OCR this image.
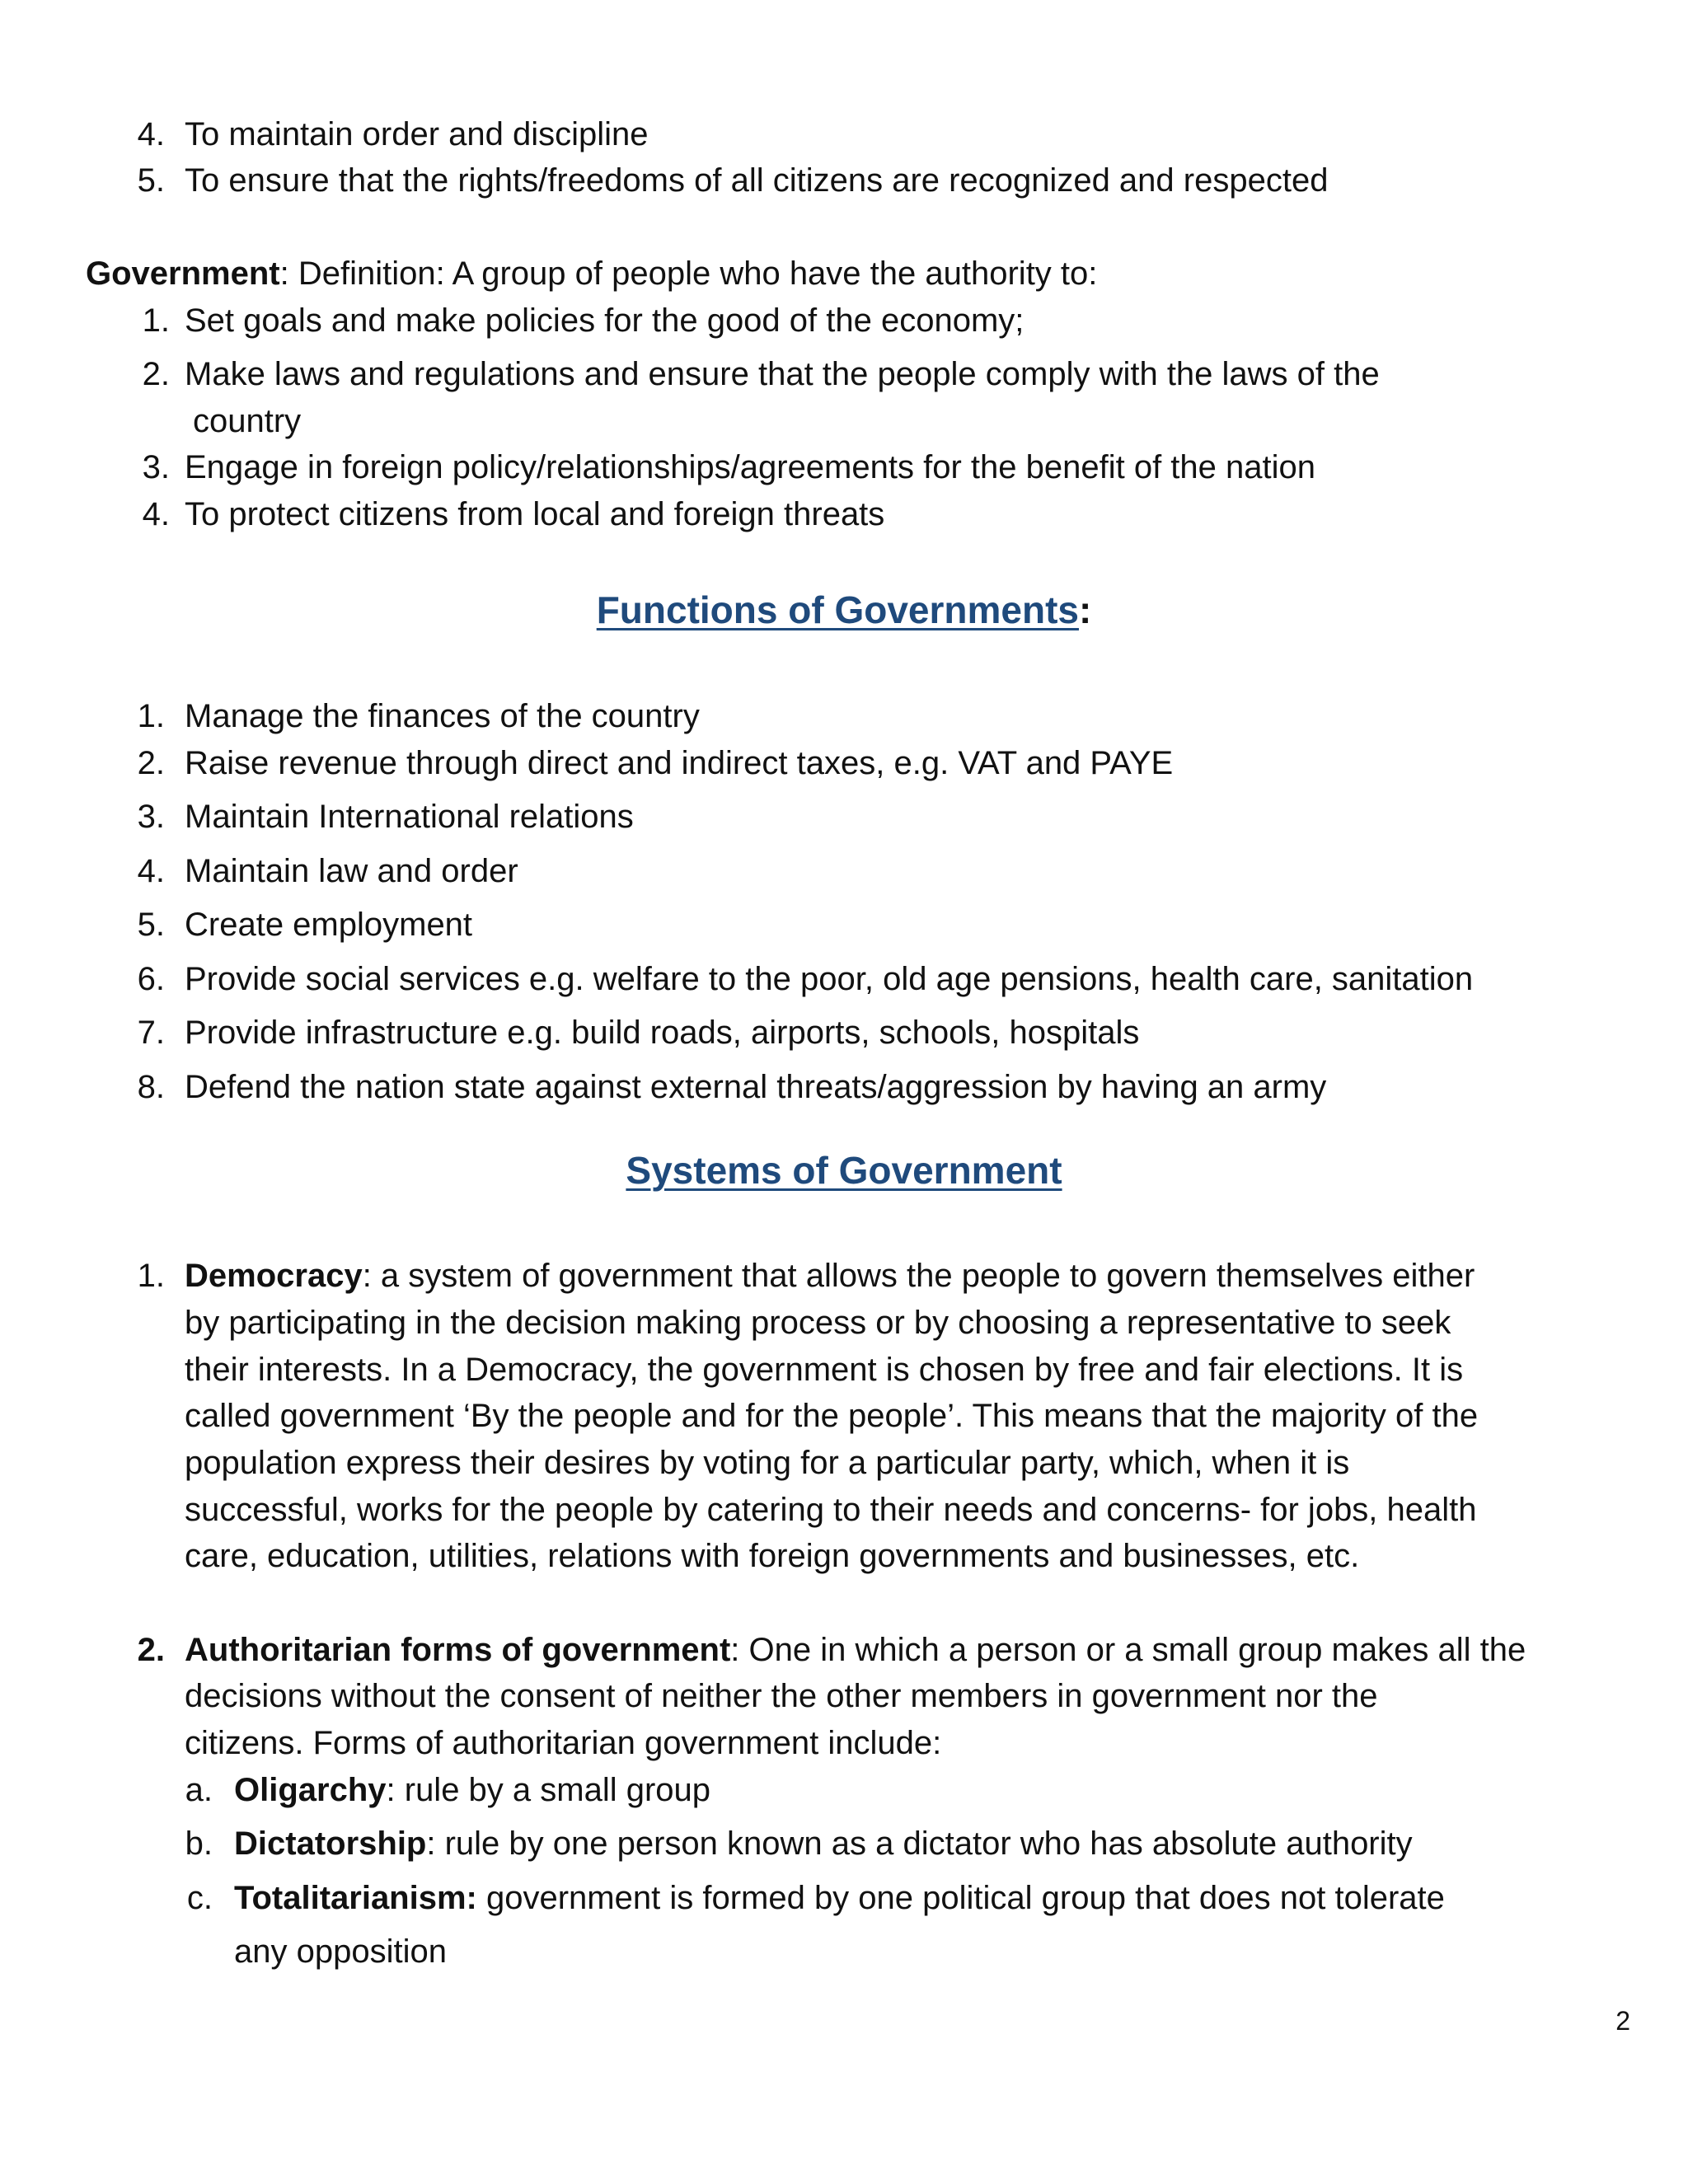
4. To maintain order and discipline
5. To ensure that the rights/freedoms of all citizens are recognized and respected
Government: Definition: A group of people who have the authority to:
1. Set goals and make policies for the good of the economy;
2. Make laws and regulations and ensure that the people comply with the laws of the
country
3. Engage in foreign policy/relationships/agreements for the benefit of the nation
4. To protect citizens from local and foreign threats
Functions of Governments:
1. Manage the finances of the country
2. Raise revenue through direct and indirect taxes, e.g. VAT and PAYE
3. Maintain International relations
4. Maintain law and order
5. Create employment
6. Provide social services e.g. welfare to the poor, old age pensions, health care, sanitation
7. Provide infrastructure e.g. build roads, airports, schools, hospitals
8. Defend the nation state against external threats/aggression by having an army
Systems of Government
1. Democracy: a system of government that allows the people to govern themselves either
by participating in the decision making process or by choosing a representative to seek
their interests. In a Democracy, the government is chosen by free and fair elections. It is
called government ‘By the people and for the people’. This means that the majority of the
population express their desires by voting for a particular party, which, when it is
successful, works for the people by catering to their needs and concerns- for jobs, health
care, education, utilities, relations with foreign governments and businesses, etc.
2. Authoritarian forms of government: One in which a person or a small group makes all the
decisions without the consent of neither the other members in government nor the
citizens. Forms of authoritarian government include:
a. Oligarchy: rule by a small group
b. Dictatorship: rule by one person known as a dictator who has absolute authority
c. Totalitarianism: government is formed by one political group that does not tolerate
any opposition
2
